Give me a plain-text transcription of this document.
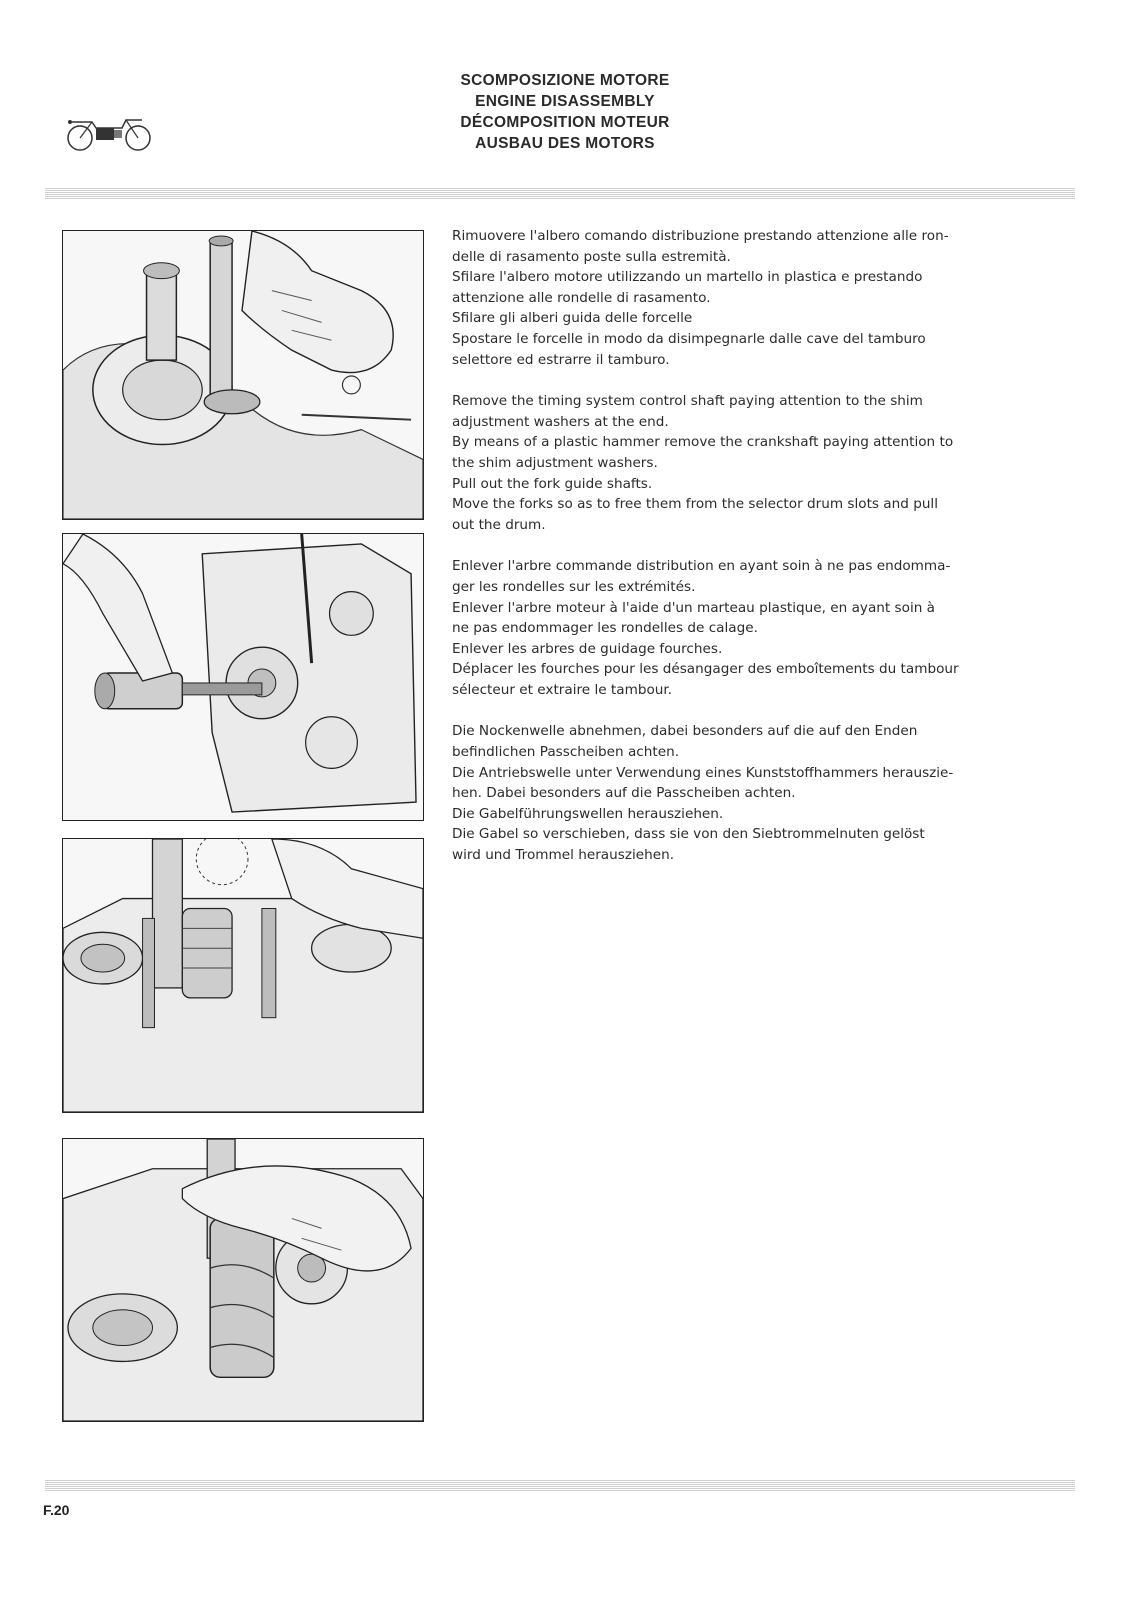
SCOMPOSIZIONE MOTORE
ENGINE DISASSEMBLY
DÉCOMPOSITION MOTEUR
AUSBAU DES MOTORS
Rimuovere l'albero comando distribuzione prestando attenzione alle ron-
delle di rasamento poste sulla estremità.
Sfilare l'albero motore utilizzando un martello in plastica e prestando
attenzione alle rondelle di rasamento.
Sfilare gli alberi guida delle forcelle
Spostare le forcelle in modo da disimpegnarle dalle cave del tamburo
selettore ed estrarre il tamburo.
Remove the timing system control shaft paying attention to the shim
adjustment washers at the end.
By means of a plastic hammer remove the crankshaft paying attention to
the shim adjustment washers.
Pull out the fork guide shafts.
Move the forks so as to free them from the selector drum slots and pull
out the drum.
Enlever l'arbre commande distribution en ayant soin à ne pas endomma-
ger les rondelles sur les extrémités.
Enlever l'arbre moteur à l'aide d'un marteau plastique, en ayant soin à
ne pas endommager les rondelles de calage.
Enlever les arbres de guidage fourches.
Déplacer les fourches pour les désangager des emboîtements du tambour
sélecteur et extraire le tambour.
Die Nockenwelle abnehmen, dabei besonders auf die auf den Enden
befindlichen Passcheiben achten.
Die Antriebswelle unter Verwendung eines Kunststoffhammers herauszie-
hen. Dabei besonders auf die Passcheiben achten.
Die Gabelführungswellen herausziehen.
Die Gabel so verschieben, dass sie von den Siebtrommelnuten gelöst
wird und Trommel herausziehen.
F.20
